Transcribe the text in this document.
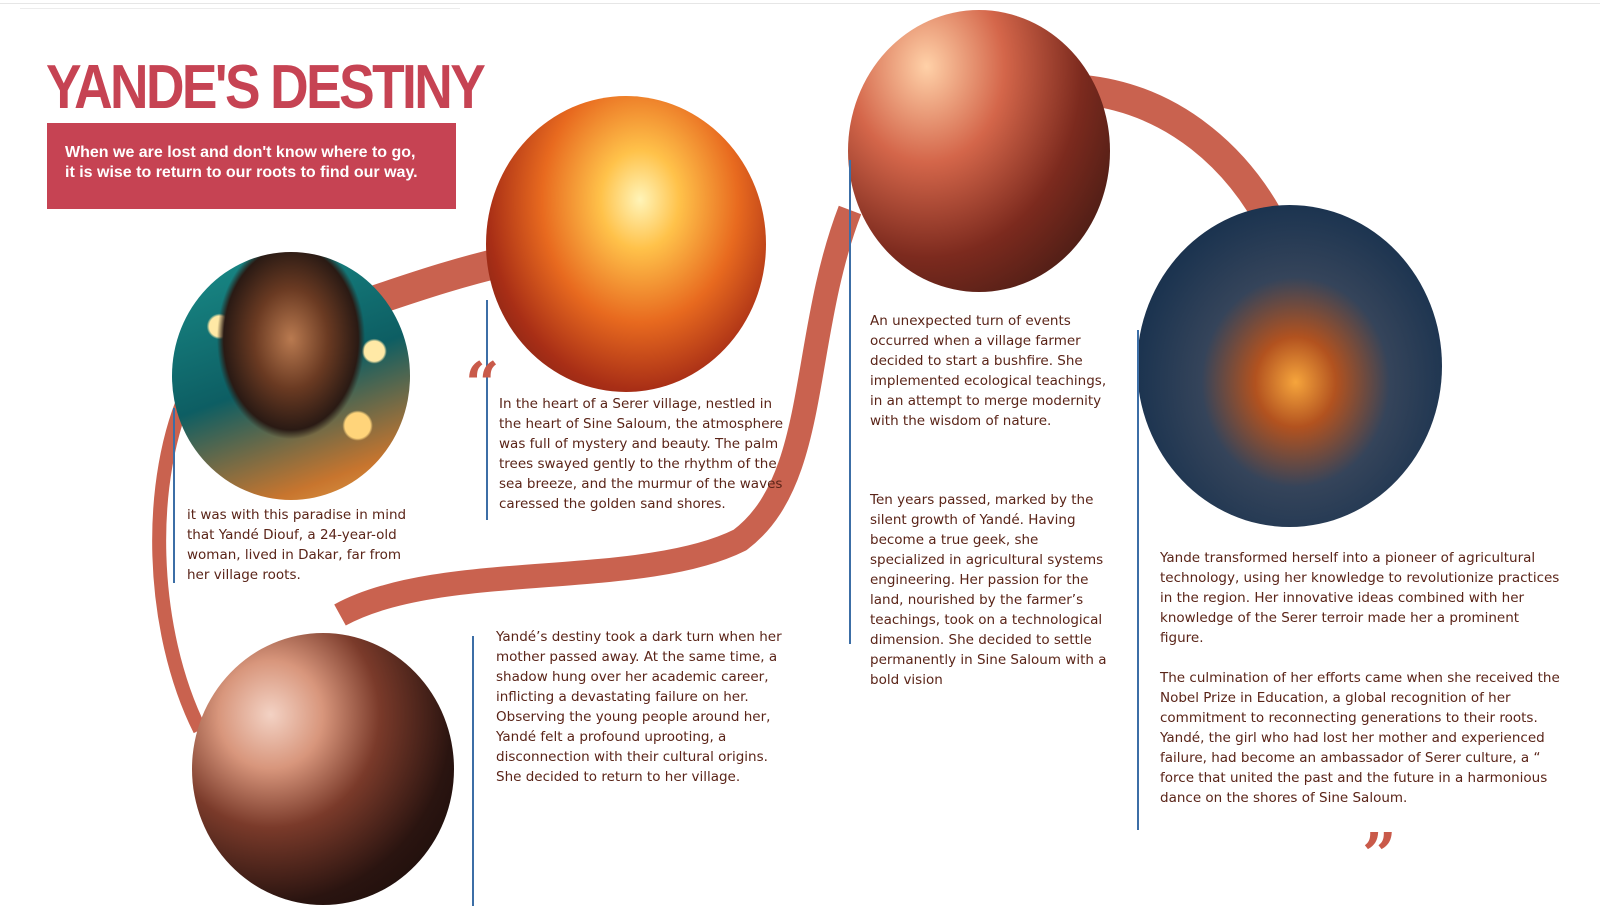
YANDE'S DESTINY
When we are lost and don't know where to go,
it is wise to return to our roots to find our way.
“
”

it was with this paradise in mind that Yandé Diouf, a 24-year-old woman, lived in Dakar, far from her village roots.

In the heart of a Serer village, nestled in the heart of Sine Saloum, the atmosphere was full of mystery and beauty. The palm trees swayed gently to the rhythm of the sea breeze, and the murmur of the waves caressed the golden sand shores.

Yandé’s destiny took a dark turn when her mother passed away. At the same time, a shadow hung over her academic career, inflicting a devastating failure on her. Observing the young people around her, Yandé felt a profound uprooting, a disconnection with their cultural origins. She decided to return to her village.

An unexpected turn of events occurred when a village farmer decided to start a bushfire. She implemented ecological teachings, in an attempt to merge modernity with the wisdom of nature.

Ten years passed, marked by the silent growth of Yandé. Having become a true geek, she specialized in agricultural systems engineering. Her passion for the land, nourished by the farmer’s teachings, took on a technological dimension. She decided to settle permanently in Sine Saloum with a bold vision

Yande transformed herself into a pioneer of agricultural technology, using her knowledge to revolutionize practices in the region. Her innovative ideas combined with her knowledge of the Serer terroir made her a prominent figure.
The culmination of her efforts came when she received the Nobel Prize in Education, a global recognition of her commitment to reconnecting generations to their roots. Yandé, the girl who had lost her mother and experienced failure, had become an ambassador of Serer culture, a “ force that united the past and the future in a harmonious dance on the shores of Sine Saloum.
